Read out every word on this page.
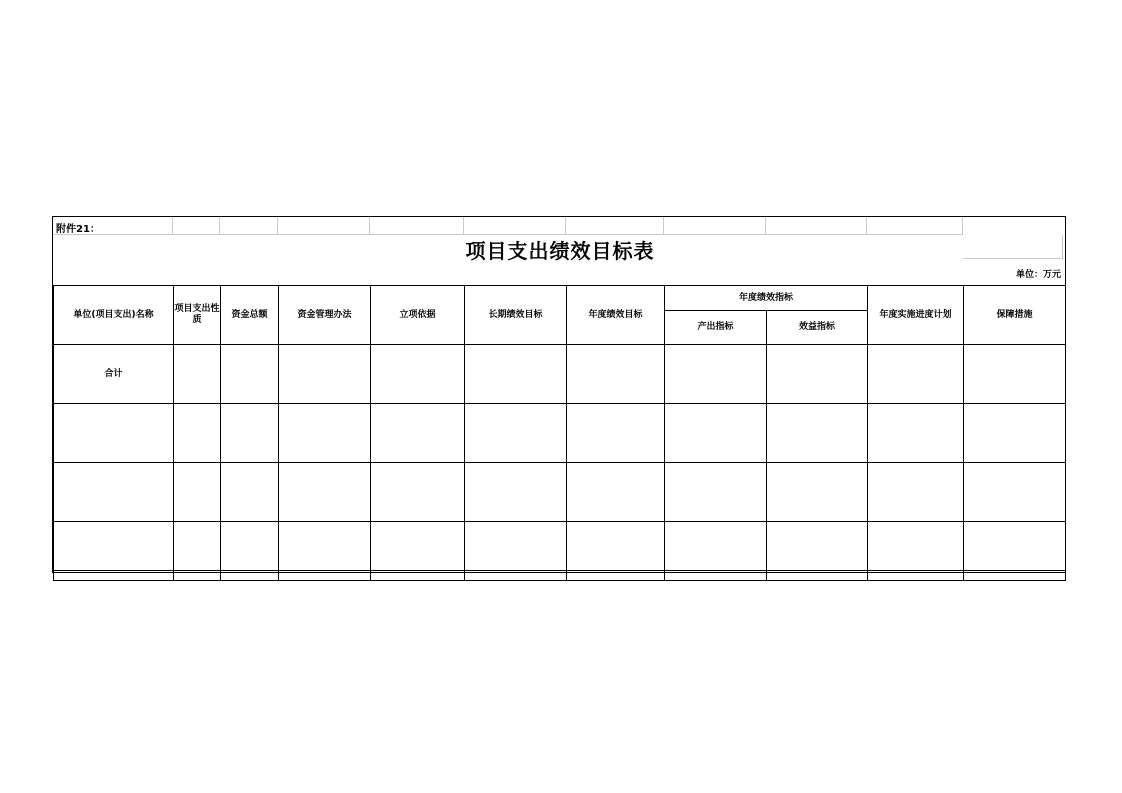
附件21：
项目支出绩效目标表
单位：万元
单位(项目支出)名称	项目支出性质	资金总额	资金管理办法	立项依据	长期绩效目标	年度绩效目标	年度绩效指标		年度实施进度计划	保障措施
							产出指标	效益指标		
合计										
